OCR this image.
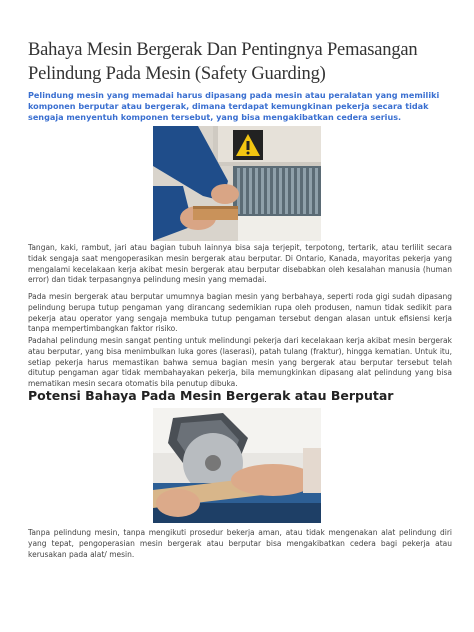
Bahaya Mesin Bergerak Dan Pentingnya Pemasangan Pelindung Pada Mesin (Safety Guarding)
Pelindung mesin yang memadai harus dipasang pada mesin atau peralatan yang memiliki komponen berputar atau bergerak, dimana terdapat kemungkinan pekerja secara tidak sengaja menyentuh komponen tersebut, yang bisa mengakibatkan cedera serius.
Tangan, kaki, rambut, jari atau bagian tubuh lainnya bisa saja terjepit, terpotong, tertarik, atau terlilit secara tidak sengaja saat mengoperasikan mesin bergerak atau berputar. Di Ontario, Kanada, mayoritas pekerja yang mengalami kecelakaan kerja akibat mesin bergerak atau berputar disebabkan oleh kesalahan manusia (human error) dan tidak terpasangnya pelindung mesin yang memadai.
Pada mesin bergerak atau berputar umumnya bagian mesin yang berbahaya, seperti roda gigi sudah dipasang pelindung berupa tutup pengaman yang dirancang sedemikian rupa oleh produsen, namun tidak sedikit para pekerja atau operator yang sengaja membuka tutup pengaman tersebut dengan alasan untuk efisiensi kerja tanpa mempertimbangkan faktor risiko.
Padahal pelindung mesin sangat penting untuk melindungi pekerja dari kecelakaan kerja akibat mesin bergerak atau berputar, yang bisa menimbulkan luka gores (laserasi), patah tulang (fraktur), hingga kematian. Untuk itu, setiap pekerja harus memastikan bahwa semua bagian mesin yang bergerak atau berputar tersebut telah ditutup pengaman agar tidak membahayakan pekerja, bila memungkinkan dipasang alat pelindung yang bisa mematikan mesin secara otomatis bila penutup dibuka.
Potensi Bahaya Pada Mesin Bergerak atau Berputar
Tanpa pelindung mesin, tanpa mengikuti prosedur bekerja aman, atau tidak mengenakan alat pelindung diri yang tepat, pengoperasian mesin bergerak atau berputar bisa mengakibatkan cedera bagi pekerja atau kerusakan pada alat/ mesin.
